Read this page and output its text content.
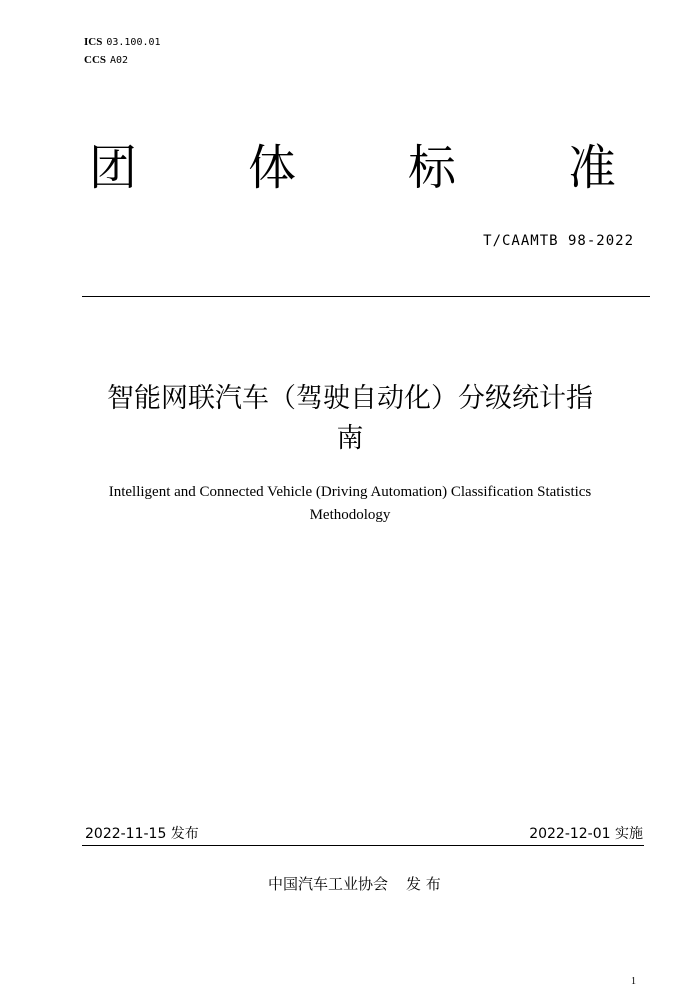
ICS 03.100.01
CCS A02
团 体 标 准
T/CAAMTB 98-2022
智能网联汽车（驾驶自动化）分级统计指
南
Intelligent and Connected Vehicle (Driving Automation) Classification Statistics
Methodology
2022-11-15 发布	2022-12-01 实施
中国汽车工业协会 发 布
1
